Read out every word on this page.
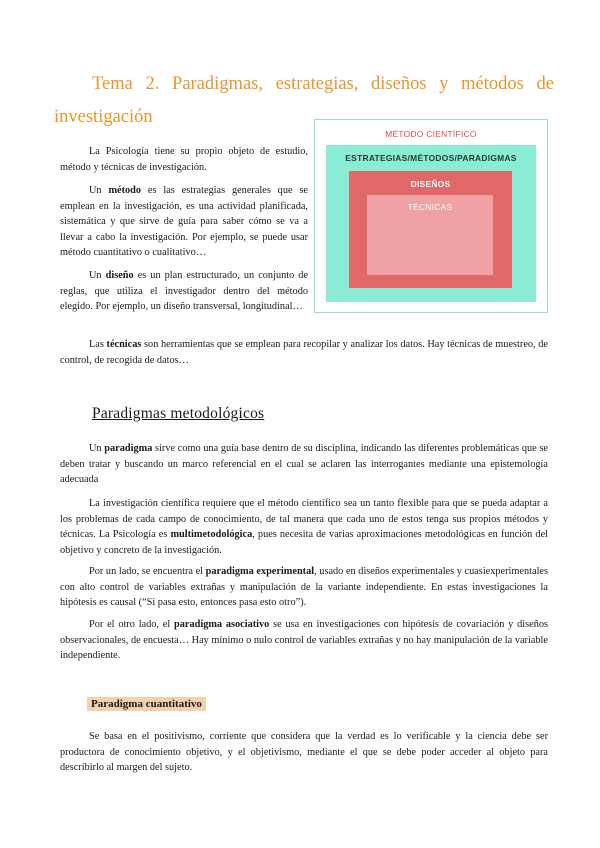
Tema 2. Paradigmas, estrategias, diseños y métodos de investigación

La Psicología tiene su propio objeto de estudio, método y técnicas de investigación.

Un método es las estrategias generales que se emplean en la investigación, es una actividad planificada, sistemática y que sirve de guía para saber cómo se va a llevar a cabo la investigación. Por ejemplo, se puede usar método cuantitativo o cualitativo…

Un diseño es un plan estructurado, un conjunto de reglas, que utiliza el investigador dentro del método elegido. Por ejemplo, un diseño transversal, longitudinal…

Las técnicas son herramientas que se emplean para recopilar y analizar los datos. Hay técnicas de muestreo, de control, de recogida de datos…

MÉTODO CIENTÍFICO
ESTRATEGIAS/MÉTODOS/PARADIGMAS
DISEÑOS
TÉCNICAS
Paradigmas metodológicos

Un paradigma sirve como una guía base dentro de su disciplina, indicando las diferentes problemáticas que se deben tratar y buscando un marco referencial en el cual se aclaren las interrogantes mediante una epistemología adecuada

La investigación científica requiere que el método científico sea un tanto flexible para que se pueda adaptar a los problemas de cada campo de conocimiento, de tal manera que cada uno de estos tenga sus propios métodos y técnicas. La Psicología es multimetodológica, pues necesita de varias aproximaciones metodológicas en función del objetivo y concreto de la investigación.

Por un lado, se encuentra el paradigma experimental, usado en diseños experimentales y cuasiexperimentales con alto control de variables extrañas y manipulación de la variante independiente. En estas investigaciones la hipótesis es causal (“Si pasa esto, entonces pasa esto otro”).

Por el otro lado, el paradigma asociativo se usa en investigaciones con hipótesis de covariación y diseños observacionales, de encuesta… Hay mínimo o nulo control de variables extrañas y no hay manipulación de la variable independiente.

Paradigma cuantitativo

Se basa en el positivismo, corriente que considera que la verdad es lo verificable y la ciencia debe ser productora de conocimiento objetivo, y el objetivismo, mediante el que se debe poder acceder al objeto para describirlo al margen del sujeto.
